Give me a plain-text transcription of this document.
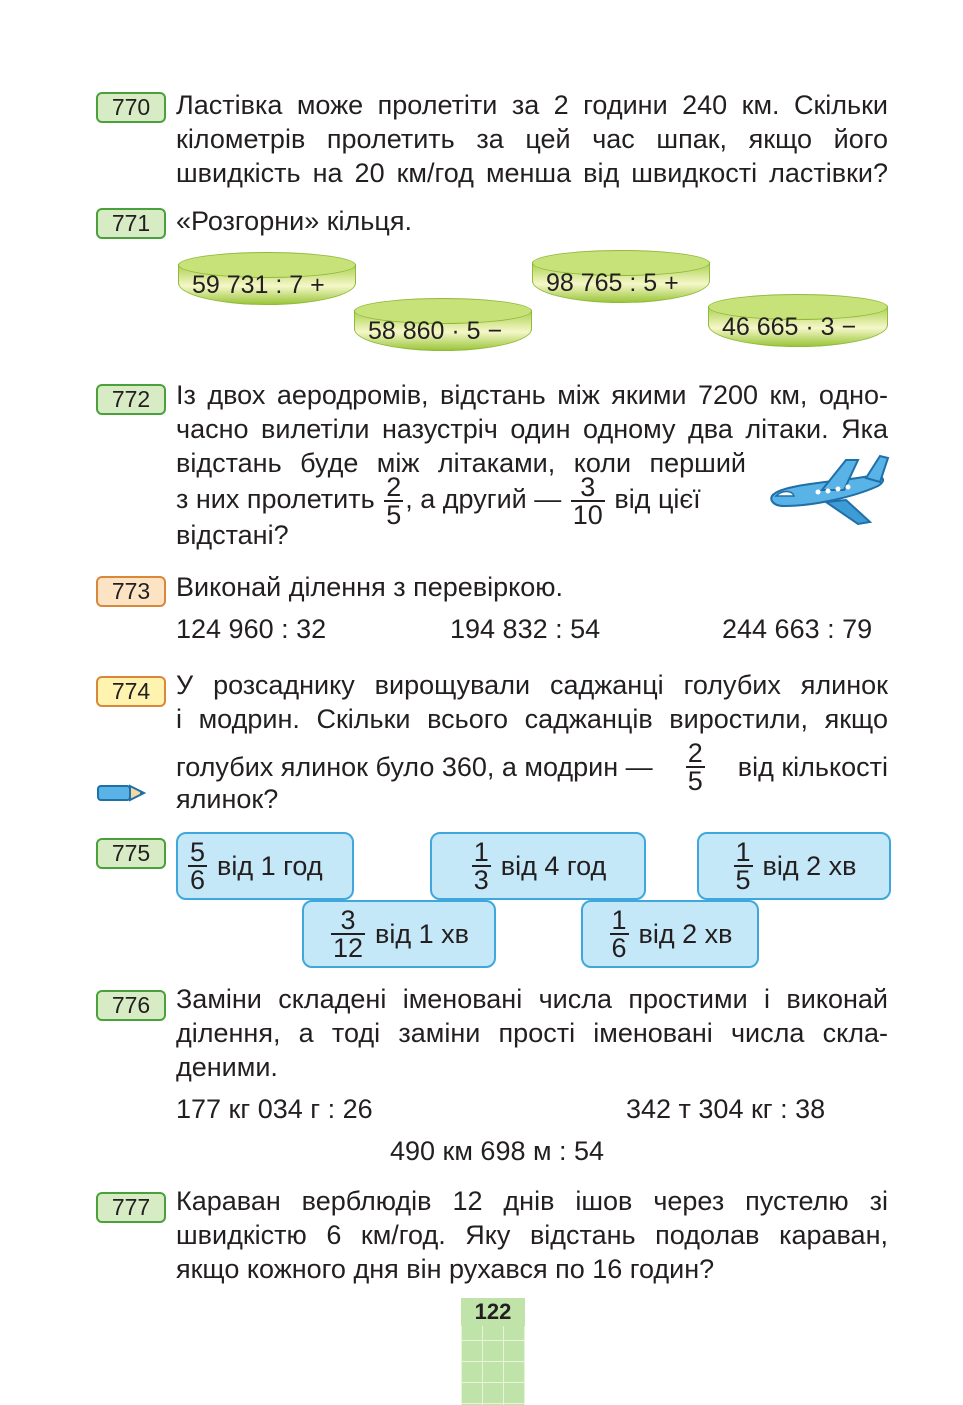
770 Ластівка може пролетіти за 2 години 240 км. Скільки
кілометрів пролетить за цей час шпак, якщо його
швидкість на 20 км/год менша від швидкості ластівки?
771 «Розгорни» кільця.
59 731 : 7 +
58 860 · 5 −
98 765 : 5 +
46 665 · 3 −
772 Із двох аеродромів, відстань між якими 7200 км, одно-
часно вилетіли назустріч один одному два літаки. Яка
відстань буде між літаками, коли перший
з них пролетить $\frac{2}{5}$ , а другий — $\frac{3}{10}$ від цієї
відстані?
773 Виконай ділення з перевіркою.
124 960 : 32	194 832 : 54	244 663 : 79
774 У розсаднику вирощували саджанці голубих ялинок
і модрин. Скільки всього саджанців виростили, якщо
голубих ялинок було 360, а модрин — $\frac{2}{5}$ від кількості
ялинок?
775	$\frac{5}{6}$ від 1 год	$\frac{1}{3}$ від 4 год	$\frac{1}{5}$ від 2 хв
$\frac{3}{12}$ від 1 хв	$\frac{1}{6}$ від 2 хв
776 Заміни складені іменовані числа простими і виконай
ділення, а тоді заміни прості іменовані числа скла-
деними.
177 кг 034 г : 26	342 т 304 кг : 38
490 км 698 м : 54
777 Караван верблюдів 12 днів ішов через пустелю зі
швидкістю 6 км/год. Яку відстань подолав караван,
якщо кожного дня він рухався по 16 годин?
122
